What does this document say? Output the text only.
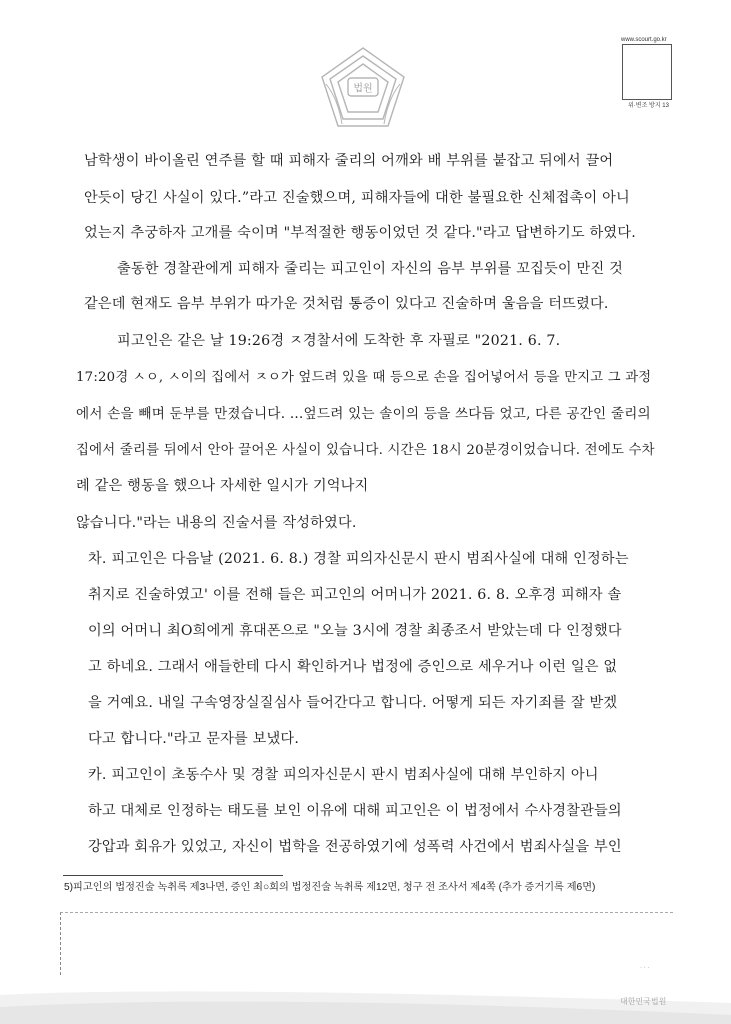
법원
www.scourt.go.kr
위·변조 방지 13
남학생이 바이올린 연주를 할 때 피해자 줄리의 어깨와 배 부위를 붙잡고 뒤에서 끌어
안듯이 당긴 사실이 있다.”라고 진술했으며, 피해자들에 대한 불필요한 신체접촉이 아니
었는지 추궁하자 고개를 숙이며 "부적절한 행동이었던 것 같다."라고 답변하기도 하였다.
출동한 경찰관에게 피해자 줄리는 피고인이 자신의 음부 부위를 꼬집듯이 만진 것
같은데 현재도 음부 부위가 따가운 것처럼 통증이 있다고 진술하며 울음을 터뜨렸다.
피고인은 같은 날 19:26경 ㅈ경찰서에 도착한 후 자필로 "2021. 6. 7.
17:20경 ㅅㅇ, ㅅ이의 집에서 ㅈㅇ가 엎드려 있을 때 등으로 손을 집어넣어서 등을 만지고 그 과정
에서 손을 빼며 둔부를 만졌습니다. …엎드려 있는 솔이의 등을 쓰다듬 었고, 다른 공간인 줄리의
집에서 줄리를 뒤에서 안아 끌어온 사실이 있습니다. 시간은 18시 20분경이었습니다. 전에도 수차
례 같은 행동을 했으나 자세한 일시가 기억나지
않습니다."라는 내용의 진술서를 작성하였다.
차. 피고인은 다음날 (2021. 6. 8.) 경찰 피의자신문시 판시 범죄사실에 대해 인정하는
취지로 진술하였고' 이를 전해 들은 피고인의 어머니가 2021. 6. 8. 오후경 피해자 솔
이의 어머니 최O희에게 휴대폰으로 "오늘 3시에 경찰 최종조서 받았는데 다 인정했다
고 하네요. 그래서 애들한테 다시 확인하거나 법정에 증인으로 세우거나 이런 일은 없
을 거예요. 내일 구속영장실질심사 들어간다고 합니다. 어떻게 되든 자기죄를 잘 받겠
다고 합니다."라고 문자를 보냈다.
카. 피고인이 초동수사 및 경찰 피의자신문시 판시 범죄사실에 대해 부인하지 아니
하고 대체로 인정하는 태도를 보인 이유에 대해 피고인은 이 법정에서 수사경찰관들의
강압과 회유가 있었고, 자신이 법학을 전공하였기에 성폭력 사건에서 범죄사실을 부인
5)피고인의 법정진술 녹취록 제3나면, 증인 최○희의 법정진술 녹취록 제12면, 청구 전 조사서 제4쪽 (추가 증거기록 제6면)
· · ·
대한민국법원
